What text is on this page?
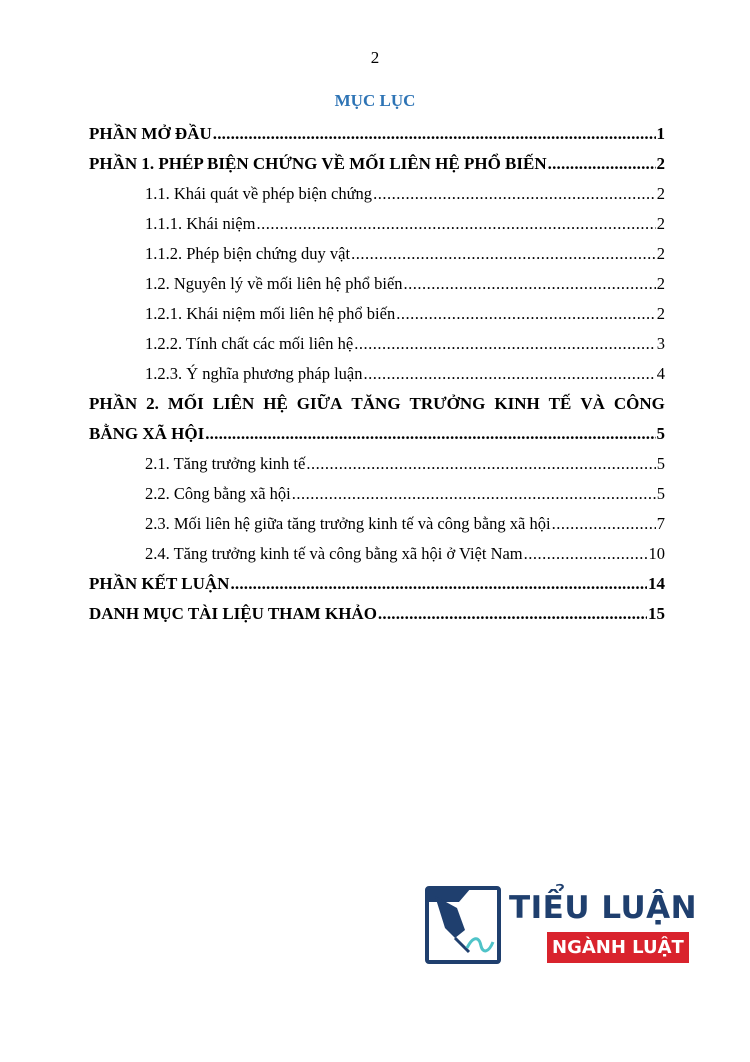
2
MỤC LỤC
PHẦN MỞ ĐẦU .....	1
PHẦN 1. PHÉP BIỆN CHỨNG VỀ MỐI LIÊN HỆ PHỔ BIẾN .....	2
1.1. Khái quát về phép biện chứng .....	2
1.1.1. Khái niệm .....	2
1.1.2. Phép biện chứng duy vật .....	2
1.2. Nguyên lý về mối liên hệ phổ biến .....	2
1.2.1. Khái niệm mối liên hệ phổ biến .....	2
1.2.2. Tính chất các mối liên hệ .....	3
1.2.3. Ý nghĩa phương pháp luận .....	4
PHẦN 2. MỐI LIÊN HỆ GIỮA TĂNG TRƯỞNG KINH TẾ VÀ CÔNG
BẰNG XÃ HỘI .....	5
2.1. Tăng trưởng kinh tế .....	5
2.2. Công bằng xã hội .....	5
2.3. Mối liên hệ giữa tăng trưởng kinh tế và công bằng xã hội .....	7
2.4. Tăng trưởng kinh tế và công bằng xã hội ở Việt Nam .....	10
PHẦN KẾT LUẬN .....	14
DANH MỤC TÀI LIỆU THAM KHẢO .....	15
TIỂU LUẬN
NGÀNH LUẬT
